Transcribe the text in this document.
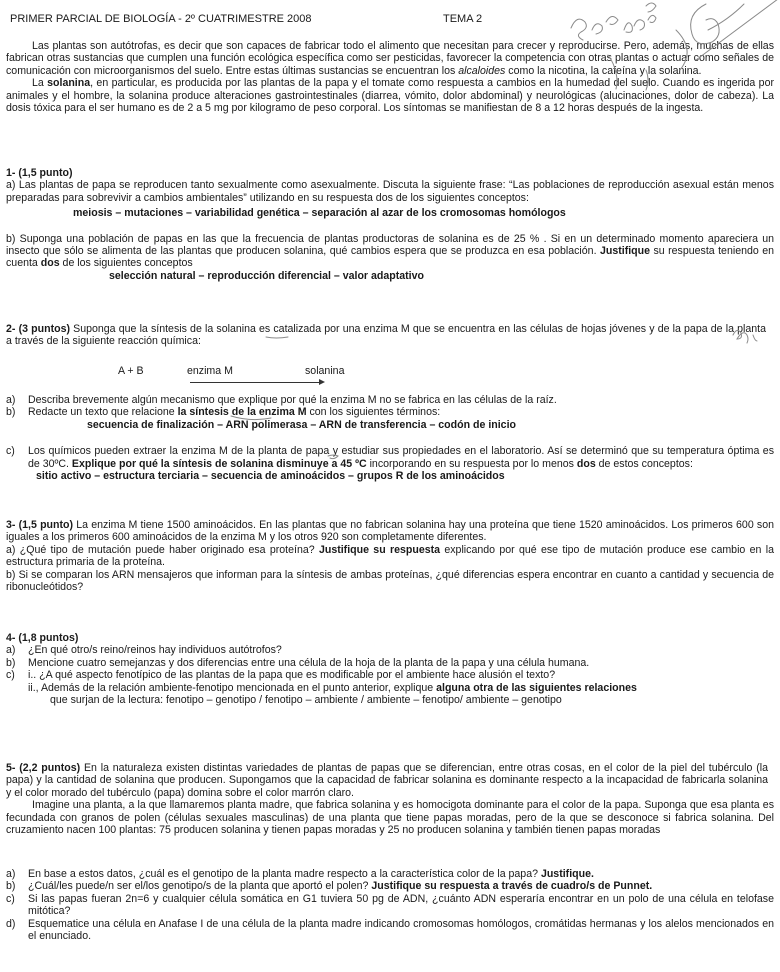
PRIMER PARCIAL DE BIOLOGÍA - 2º CUATRIMESTRE 2008	TEMA 2

Las plantas son autótrofas, es decir que son capaces de fabricar todo el alimento que necesitan para crecer y reproducirse. Pero, además, muchas de ellas fabrican otras sustancias que cumplen una función ecológica específica como ser pesticidas, favorecer la competencia con otras plantas o actuar como señales de comunicación con microorganismos del suelo. Entre estas últimas sustancias se encuentran los alcaloides como la nicotina, la cafeína y la solanina.

La solanina, en particular, es producida por las plantas de la papa y el tomate como respuesta a cambios en la humedad del suelo. Cuando es ingerida por animales y el hombre, la solanina produce alteraciones gastrointestinales (diarrea, vómito, dolor abdominal) y neurológicas (alucinaciones, dolor de cabeza). La dosis tóxica para el ser humano es de 2 a 5 mg por kilogramo de peso corporal. Los síntomas se manifiestan de 8 a 12 horas después de la ingesta.

1- (1,5 punto)

a) Las plantas de papa se reproducen tanto sexualmente como asexualmente. Discuta la siguiente frase: “Las poblaciones de reproducción asexual están menos preparadas para sobrevivir a cambios ambientales” utilizando en su respuesta dos de los siguientes conceptos:

meiosis – mutaciones – variabilidad genética – separación al azar de los cromosomas homólogos

b) Suponga una población de papas en las que la frecuencia de plantas productoras de solanina es de 25 % . Si en un determinado momento apareciera un insecto que sólo se alimenta de las plantas que producen solanina, qué cambios espera que se produzca en esa población. Justifique su respuesta teniendo en cuenta dos de los siguientes conceptos

selección natural – reproducción diferencial – valor adaptativo

2- (3 puntos) Suponga que la síntesis de la solanina es catalizada por una enzima M que se encuentra en las células de hojas jóvenes y de la papa de la planta a través de la siguiente reacción química:

A + B	enzima M	solanina
a)	Describa brevemente algún mecanismo que explique por qué la enzima M no se fabrica en las células de la raíz.
b)	Redacte un texto que relacione la síntesis de la enzima M con los siguientes términos:

secuencia de finalización – ARN polimerasa – ARN de transferencia – codón de inicio

c)	Los químicos pueden extraer la enzima M de la planta de papa y estudiar sus propiedades en el laboratorio. Así se determinó que su temperatura óptima es de 30ºC. Explique por qué la síntesis de solanina disminuye a 45 ºC incorporando en su respuesta por lo menos dos de estos conceptos:

sitio activo – estructura terciaria – secuencia de aminoácidos – grupos R de los aminoácidos

3- (1,5 punto) La enzima M tiene 1500 aminoácidos. En las plantas que no fabrican solanina hay una proteína que tiene 1520 aminoácidos. Los primeros 600 son iguales a los primeros 600 aminoácidos de la enzima M y los otros 920 son completamente diferentes.

a) ¿Qué tipo de mutación puede haber originado esa proteína? Justifique su respuesta explicando por qué ese tipo de mutación produce ese cambio en la estructura primaria de la proteína.

b) Si se comparan los ARN mensajeros que informan para la síntesis de ambas proteínas, ¿qué diferencias espera encontrar en cuanto a cantidad y secuencia de ribonucleótidos?

4- (1,8 puntos)

a)	¿En qué otro/s reino/reinos hay individuos autótrofos?
b)	Mencione cuatro semejanzas y dos diferencias entre una célula de la hoja de la planta de la papa y una célula humana.
c)	i.. ¿A qué aspecto fenotípico de las plantas de la papa que es modificable por el ambiente hace alusión el texto?
ii., Además de la relación ambiente-fenotipo mencionada en el punto anterior, explique alguna otra de las siguientes relaciones que surjan de la lectura: fenotipo – genotipo / fenotipo – ambiente / ambiente – fenotipo/ ambiente – genotipo

5- (2,2 puntos) En la naturaleza existen distintas variedades de plantas de papas que se diferencian, entre otras cosas, en el color de la piel del tubérculo (la papa) y la cantidad de solanina que producen. Supongamos que la capacidad de fabricar solanina es dominante respecto a la incapacidad de fabricarla solanina y el color morado del tubérculo (papa) domina sobre el color marrón claro.

Imagine una planta, a la que llamaremos planta madre, que fabrica solanina y es homocigota dominante para el color de la papa. Suponga que esa planta es fecundada con granos de polen (células sexuales masculinas) de una planta que tiene papas moradas, pero de la que se desconoce si fabrica solanina. Del cruzamiento nacen 100 plantas: 75 producen solanina y tienen papas moradas y 25 no producen solanina y también tienen papas moradas

a)	En base a estos datos, ¿cuál es el genotipo de la planta madre respecto a la característica color de la papa? Justifique.
b)	¿Cuál/les puede/n ser el/los genotipo/s de la planta que aportó el polen? Justifique su respuesta a través de cuadro/s de Punnet.
c)	Si las papas fueran 2n=6 y cualquier célula somática en G1 tuviera 50 pg de ADN, ¿cuánto ADN esperaría encontrar en un polo de una célula en telofase mitótica?
d)	Esquematice una célula en Anafase I de una célula de la planta madre indicando cromosomas homólogos, cromátidas hermanas y los alelos mencionados en el enunciado.
